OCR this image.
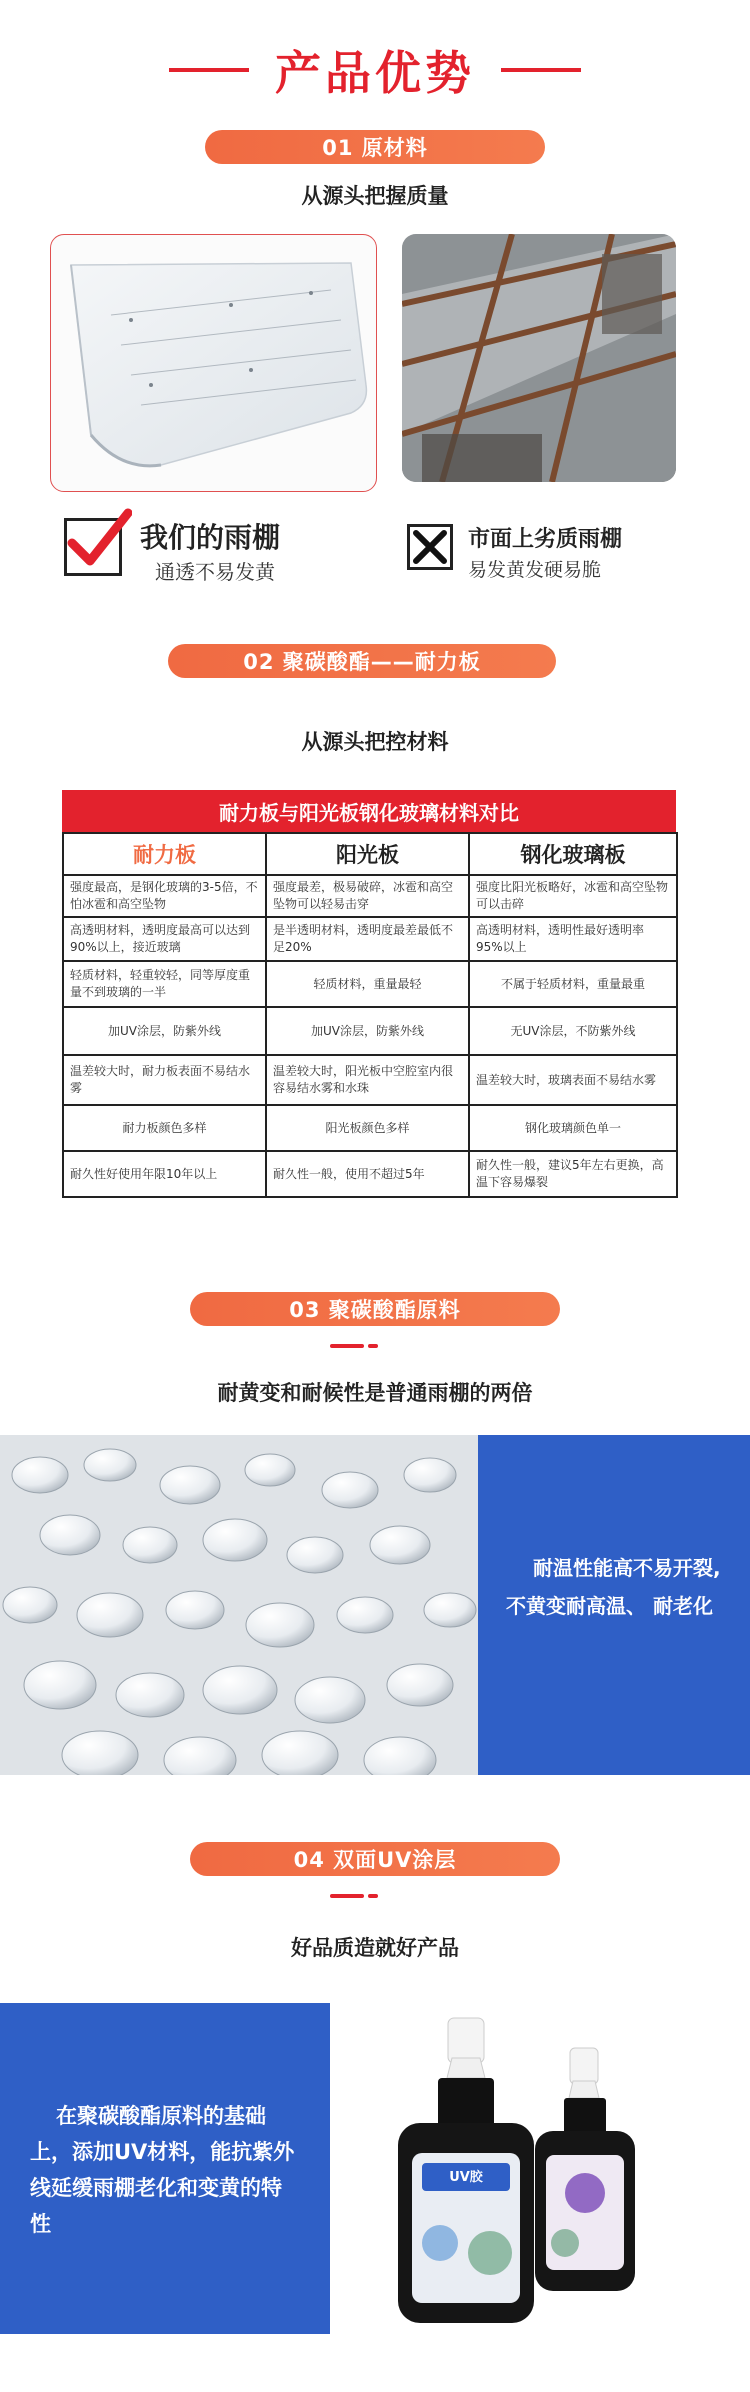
产品优势
01 原材料
从源头把握质量
我们的雨棚
通透不易发黄
市面上劣质雨棚
易发黄发硬易脆
02 聚碳酸酯——耐力板
从源头把控材料
耐力板与阳光板钢化玻璃材料对比
耐力板	阳光板	钢化玻璃板
强度最高，是钢化玻璃的3-5倍，不怕冰雹和高空坠物	强度最差，极易破碎，冰雹和高空坠物可以轻易击穿	强度比阳光板略好，冰雹和高空坠物可以击碎
高透明材料，透明度最高可以达到90%以上，接近玻璃	是半透明材料，透明度最差最低不足20%	高透明材料，透明性最好透明率95%以上
轻质材料，轻重较轻，同等厚度重量不到玻璃的一半	轻质材料，重量最轻	不属于轻质材料，重量最重
加UV涂层，防紫外线	加UV涂层，防紫外线	无UV涂层，不防紫外线
温差较大时，耐力板表面不易结水雾	温差较大时，阳光板中空腔室内很容易结水雾和水珠	温差较大时，玻璃表面不易结水雾
耐力板颜色多样	阳光板颜色多样	钢化玻璃颜色单一
耐久性好使用年限10年以上	耐久性一般，使用不超过5年	耐久性一般，建议5年左右更换，高温下容易爆裂
03 聚碳酸酯原料
耐黄变和耐候性是普通雨棚的两倍
耐温性能高不易开裂,
不黄变耐高温、 耐老化
04 双面UV涂层
好品质造就好产品
在聚碳酸酯原料的基础上，添加UV材料，能抗紫外线延缓雨棚老化和变黄的特性
UV胶
